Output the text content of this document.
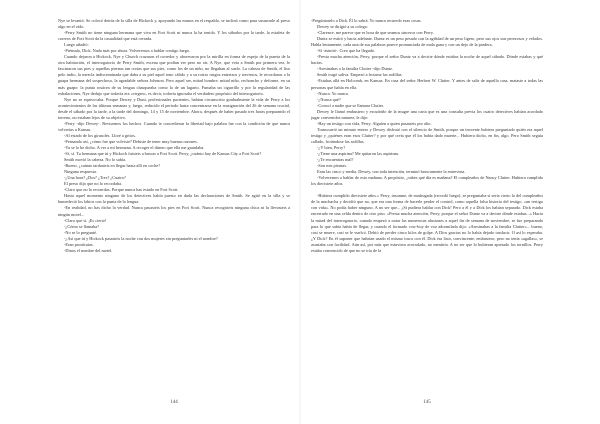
Nye se levantó. Se colocó detrás de la silla de Hickock y, apoyando las manos en el respaldo, se inclinó como para susurrarle al preso algo en el oído.

-Perry Smith no tiene ninguna hermana que viva en Fort Scott ni nunca la ha tenido. Y los sábados por la tarde, la estafeta de correos de Fort Scott da la casualidad que está cerrada.

Luego añadió:

-Piénsalo, Dick. Nada más por ahora. Volveremos a hablar contigo luego.

Cuando dejaron a Hickock, Nye y Church cruzaron el corredor y observaron por la mirilla en forma de espejo de la puerta de la otra habitación, el interrogatorio de Perry Smith, escena que podían ver pero no oír. A Nye, que veía a Smith por primera vez, le fascinaron sus pies y aquellas piernas tan cortas que sus pies, como los de un niño, no llegaban al suelo. La cabeza de Smith, el liso pelo indio, la mezcla indiscriminada que daba a su piel aquel tono cálido y a su rostro rasgos enterizos y traviesos, le recordaron a la guapa hermana del sospechoso, la agradable señora Johnson. Pero aquel ser, mitad hombre, mitad niño, rechoncho y deforme, en su más guapo: la punta rosácea de su lengua chasqueaba como la de un lagarto. Fumaba un cigarrillo y por la regularidad de las exhalaciones, Nye dedujo que todavía era «virgen», es decir, todavía ignoraba el verdadero propósito del interrogatorio.

Nye no se equivocaba. Porque Dewey y Dunt, profesionales pacientes, habían circunscrito gradualmente la vida de Perry a los acontecimientos de las últimas semanas y, luego, reducido el periodo hasta concentrarse en la reasignación del 26 de semana crucial, desde el sábado por la tarde, a la tarde del domingo, 14 y 15 de noviembre. Ahora, después de haber pasado tres horas preparando el terreno, no estaban lejos de su objetivo.

-Perry -dijo Dewey-. Revisemos los hechos. Cuando te concedieron la libertad bajo palabra fue con la condición de que nunca volverías a Kansas.

-Al estado de los girasoles. Lloré a gritos.

-Pensando así, ¿cómo fue que volviste? Debiste de tener muy buenas razones.

-Ya se lo he dicho. A ver a mi hermana. A recoger el dinero que ella me guardaba.

-Sí, sí. Tu hermana que tú y Hickock fuisteis a buscar a Fort Scott. Perry, ¿cuánto hay de Kansas City a Fort Scott?

Smith movió la cabeza. No lo sabía.

-Bueno, ¿cuánto tardasteis en llegar hasta allí en coche?

Ninguna respuesta.

-¿Una hora? ¿Dos? ¿Tres? ¿Cuatro?

El preso dijo que no lo recordaba.

-Claro que no lo recuerdas. Porque nunca has estado en Fort Scott.

Hasta aquel momento ninguno de los detectives había puesto en duda las declaraciones de Smith. Se agitó en la silla y se humedeció los labios con la punta de la lengua.

-En realidad, no has dicho la verdad. Nunca pasasteis los pies en Fort Scott. Nunca recogisteis ninguna chica ni la llevasteis a ningún motel...

-Claro que sí. ¡Es cierto!

-¿Cómo se llamaba?

-No se lo pregunté.

-¿Así que tú y Hickock pasasteis la noche con dos mujeres sin preguntarles ni el nombre?

-Eran prostitutas.

-Dinos el nombre del motel.

144

-Pregúntaselo a Dick. Él lo sabrá. Yo nunca recuerdo esas cosas.

Dewey se dirigió a su colega:

-Clarence, me parece que es hora de que seamos sinceros con Perry.

Duntz se estiró y hacia adelante. Duntz es un peso pesado con la agilidad de un peso ligero, pero sus ojos son perezosos y velados. Habla lentamente, cada una de sus palabras parece pronunciada de mala gana y con un dejo de la pradera.

-Sí -asintió-. Creo que ha llegado.

-Presta mucha atención, Perry, porque el señor Duntz va a decirte dónde estabas la noche de aquel sábado. Dónde estabas y qué hacías.

-Asesinabas a la familia Clutter -dijo Duntz.

Smith tragó saliva. Empezó a frotarse las rodillas.

-Estabas allá en Holcomb, en Kansas. En casa del señor Herbert W. Clutter. Y antes de salir de aquella casa, mataste a todas las personas que había en ella.

-Nunca. Yo nunca.

-¿Nunca qué?

-Conocí a nadie que se llamara Clutter.

Dewey le llamó embustero y escudriño de la mugre una carta que es una consulta previa los cuatro detectives habían acordado jugar convenidos naturez, le dijo:

-Hay un testigo con vida, Perry. Alguien a quien pasasteis por alto.

Transcurrió un minuto entero y Dewey disfrutó con el silencio de Smith, porque un inocente hubiera preguntado quién era aquel testigo y ¿quiénes eran esos Clutter? y por qué creía que él los había dado muerte... Hubiera dicho, en fin, algo. Pero Smith seguía callado, frotándose las rodillas.

-¿Y bien, Perry?

-¿Tiene una aspirina? Me quitaron las aspirinas.

-¿Te encuentras mal?

-Son mis piernas.

Eran las cinco y media. Dewey, con toda intención, terminó bruscamente la entrevista.

-Volveremos a hablar de esto mañana. A propósito, ¿sabes qué día es mañana? El cumpleaños de Nancy Clutter. Hubiera cumplido los diecisiete años.

-Hubiera cumplido diecisiete años.» Perry, insomne, de madrugada (recordó luego), se preguntaba si sería cierto lo del cumpleaños de la muchacha y decidió que no, que era una forma de hacerle perder el control, como aquella falsa historia del testigo, «un testigo con vida». No podía haber ninguno. A no ser que... ¿Si pudiera hablar con Dick! Pero a él y a Dick los habían separado. Dick estaba encerrado en una celda dentro de otro piso. «Presta mucha atención, Perry, porque el señor Duntz va a decirte dónde estabas...» Hacia la mitad del interrogatorio, cuando empezó a notar las numerosas alusiones a aquel fin de semana de noviembre, se fue preparando para lo que sabía había de llegar, y cuando el formado cow-boy de voz adormilada dijo: «Asesinabas a la familia Clutter»... bueno, casi se muere, casi se le vuelcó. Debió de perder cinco kilos de golpe. A Dios gracias no lo había dejado traslucir. O así lo esperaba. ¿Y Dick? En él suponer que habrían usado el mismo truco con él. Dick era listo, convincente, embustero; pero no tenía «agallas», se asustaba con facilidad. Aún así, por más que estuviera acorralado, no mentiría. A no ser que lo hubieran apretado los tornillos. Perry estaba convencido de que no se iría de la

145
